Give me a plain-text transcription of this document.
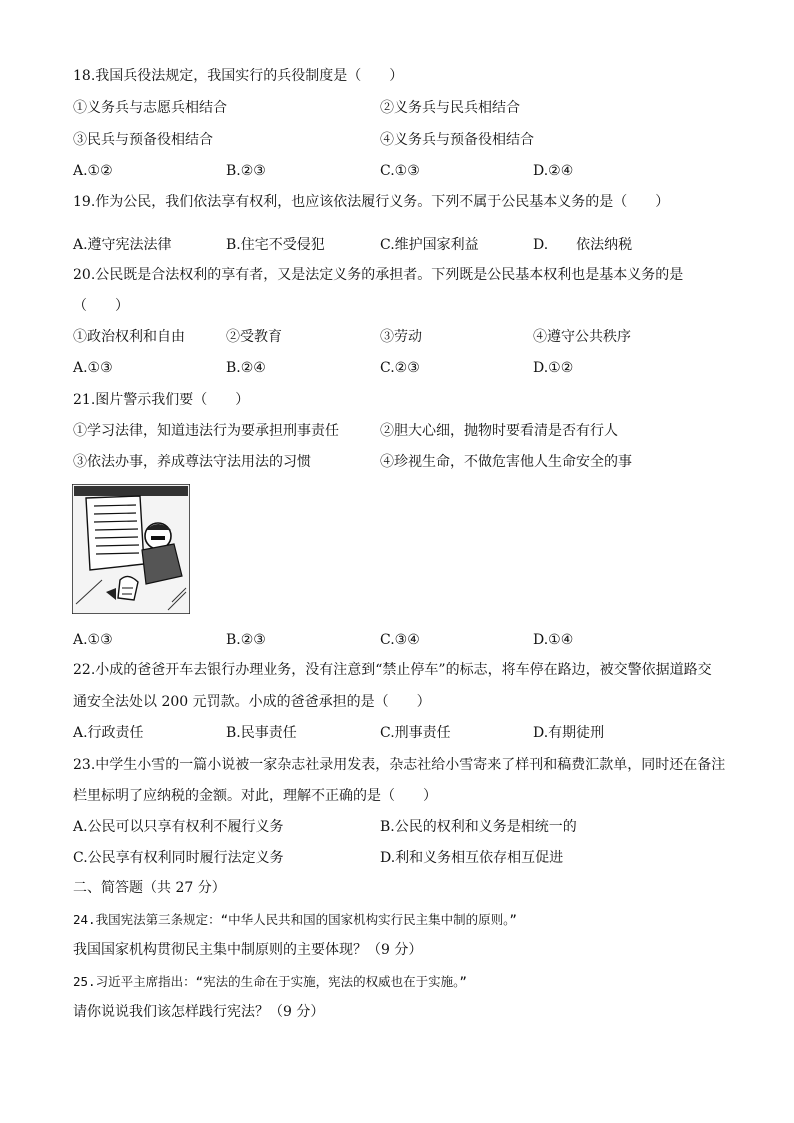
18.我国兵役法规定，我国实行的兵役制度是（　　）
①义务兵与志愿兵相结合	②义务兵与民兵相结合
③民兵与预备役相结合	④义务兵与预备役相结合
A.①②	B.②③	C.①③	D.②④
19.作为公民，我们依法享有权利，也应该依法履行义务。下列不属于公民基本义务的是（　　）
A.遵守宪法法律	B.住宅不受侵犯	C.维护国家利益	D.　　依法纳税
20.公民既是合法权利的享有者，又是法定义务的承担者。下列既是公民基本权利也是基本义务的是
（　　）
①政治权利和自由	②受教育	③劳动	④遵守公共秩序
A.①③	B.②④	C.②③	D.①②
21.图片警示我们要（　　）
①学习法律，知道违法行为要承担刑事责任	②胆大心细，抛物时要看清是否有行人
③依法办事，养成尊法守法用法的习惯	④珍视生命，不做危害他人生命安全的事
A.①③	B.②③	C.③④	D.①④
22.小成的爸爸开车去银行办理业务，没有注意到“禁止停车”的标志，将车停在路边，被交警依据道路交
通安全法处以 200 元罚款。小成的爸爸承担的是（　　）
A.行政责任	B.民事责任	C.刑事责任	D.有期徒刑
23.中学生小雪的一篇小说被一家杂志社录用发表，杂志社给小雪寄来了样刊和稿费汇款单，同时还在备注
栏里标明了应纳税的金额。对此，理解不正确的是（　　）
A.公民可以只享有权利不履行义务	B.公民的权利和义务是相统一的
C.公民享有权利同时履行法定义务	D.利和义务相互依存相互促进
二、简答题（共 27 分）
24.我国宪法第三条规定：“中华人民共和国的国家机构实行民主集中制的原则。”
我国国家机构贯彻民主集中制原则的主要体现？（9 分）
25.习近平主席指出：“宪法的生命在于实施，宪法的权威也在于实施。”
请你说说我们该怎样践行宪法？（9 分）
